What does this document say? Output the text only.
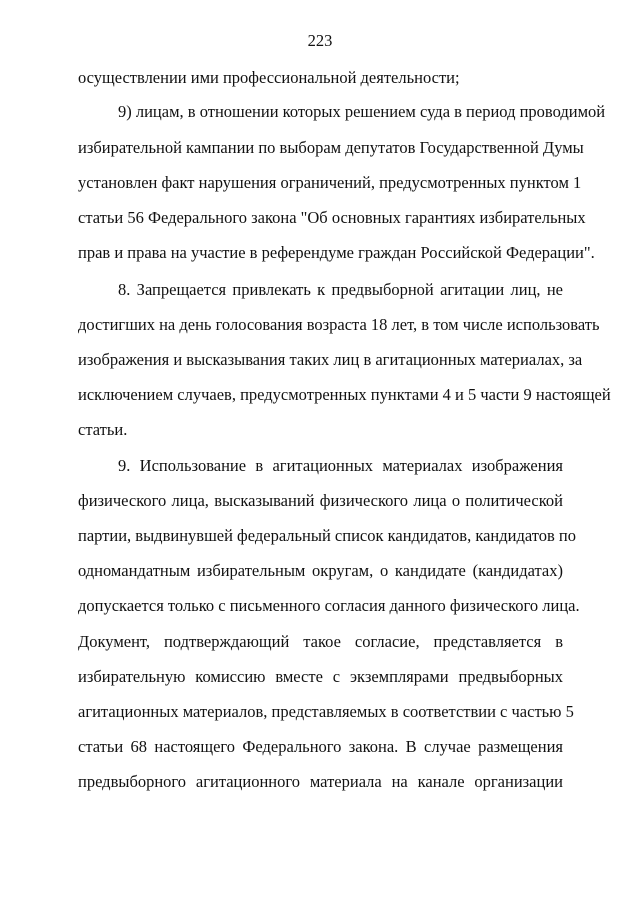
223
осуществлении ими профессиональной деятельности;
9) лицам, в отношении которых решением суда в период проводимой
избирательной кампании по выборам депутатов Государственной Думы
установлен факт нарушения ограничений, предусмотренных пунктом 1
статьи 56 Федерального закона "Об основных гарантиях избирательных
прав и права на участие в референдуме граждан Российской Федерации".
8. Запрещается привлекать к предвыборной агитации лиц, не
достигших на день голосования возраста 18 лет, в том числе использовать
изображения и высказывания таких лиц в агитационных материалах, за
исключением случаев, предусмотренных пунктами 4 и 5 части 9 настоящей
статьи.
9. Использование в агитационных материалах изображения
физического лица, высказываний физического лица о политической
партии, выдвинувшей федеральный список кандидатов, кандидатов по
одномандатным избирательным округам, о кандидате (кандидатах)
допускается только с письменного согласия данного физического лица.
Документ, подтверждающий такое согласие, представляется в
избирательную комиссию вместе с экземплярами предвыборных
агитационных материалов, представляемых в соответствии с частью 5
статьи 68 настоящего Федерального закона. В случае размещения
предвыборного агитационного материала на канале организации
